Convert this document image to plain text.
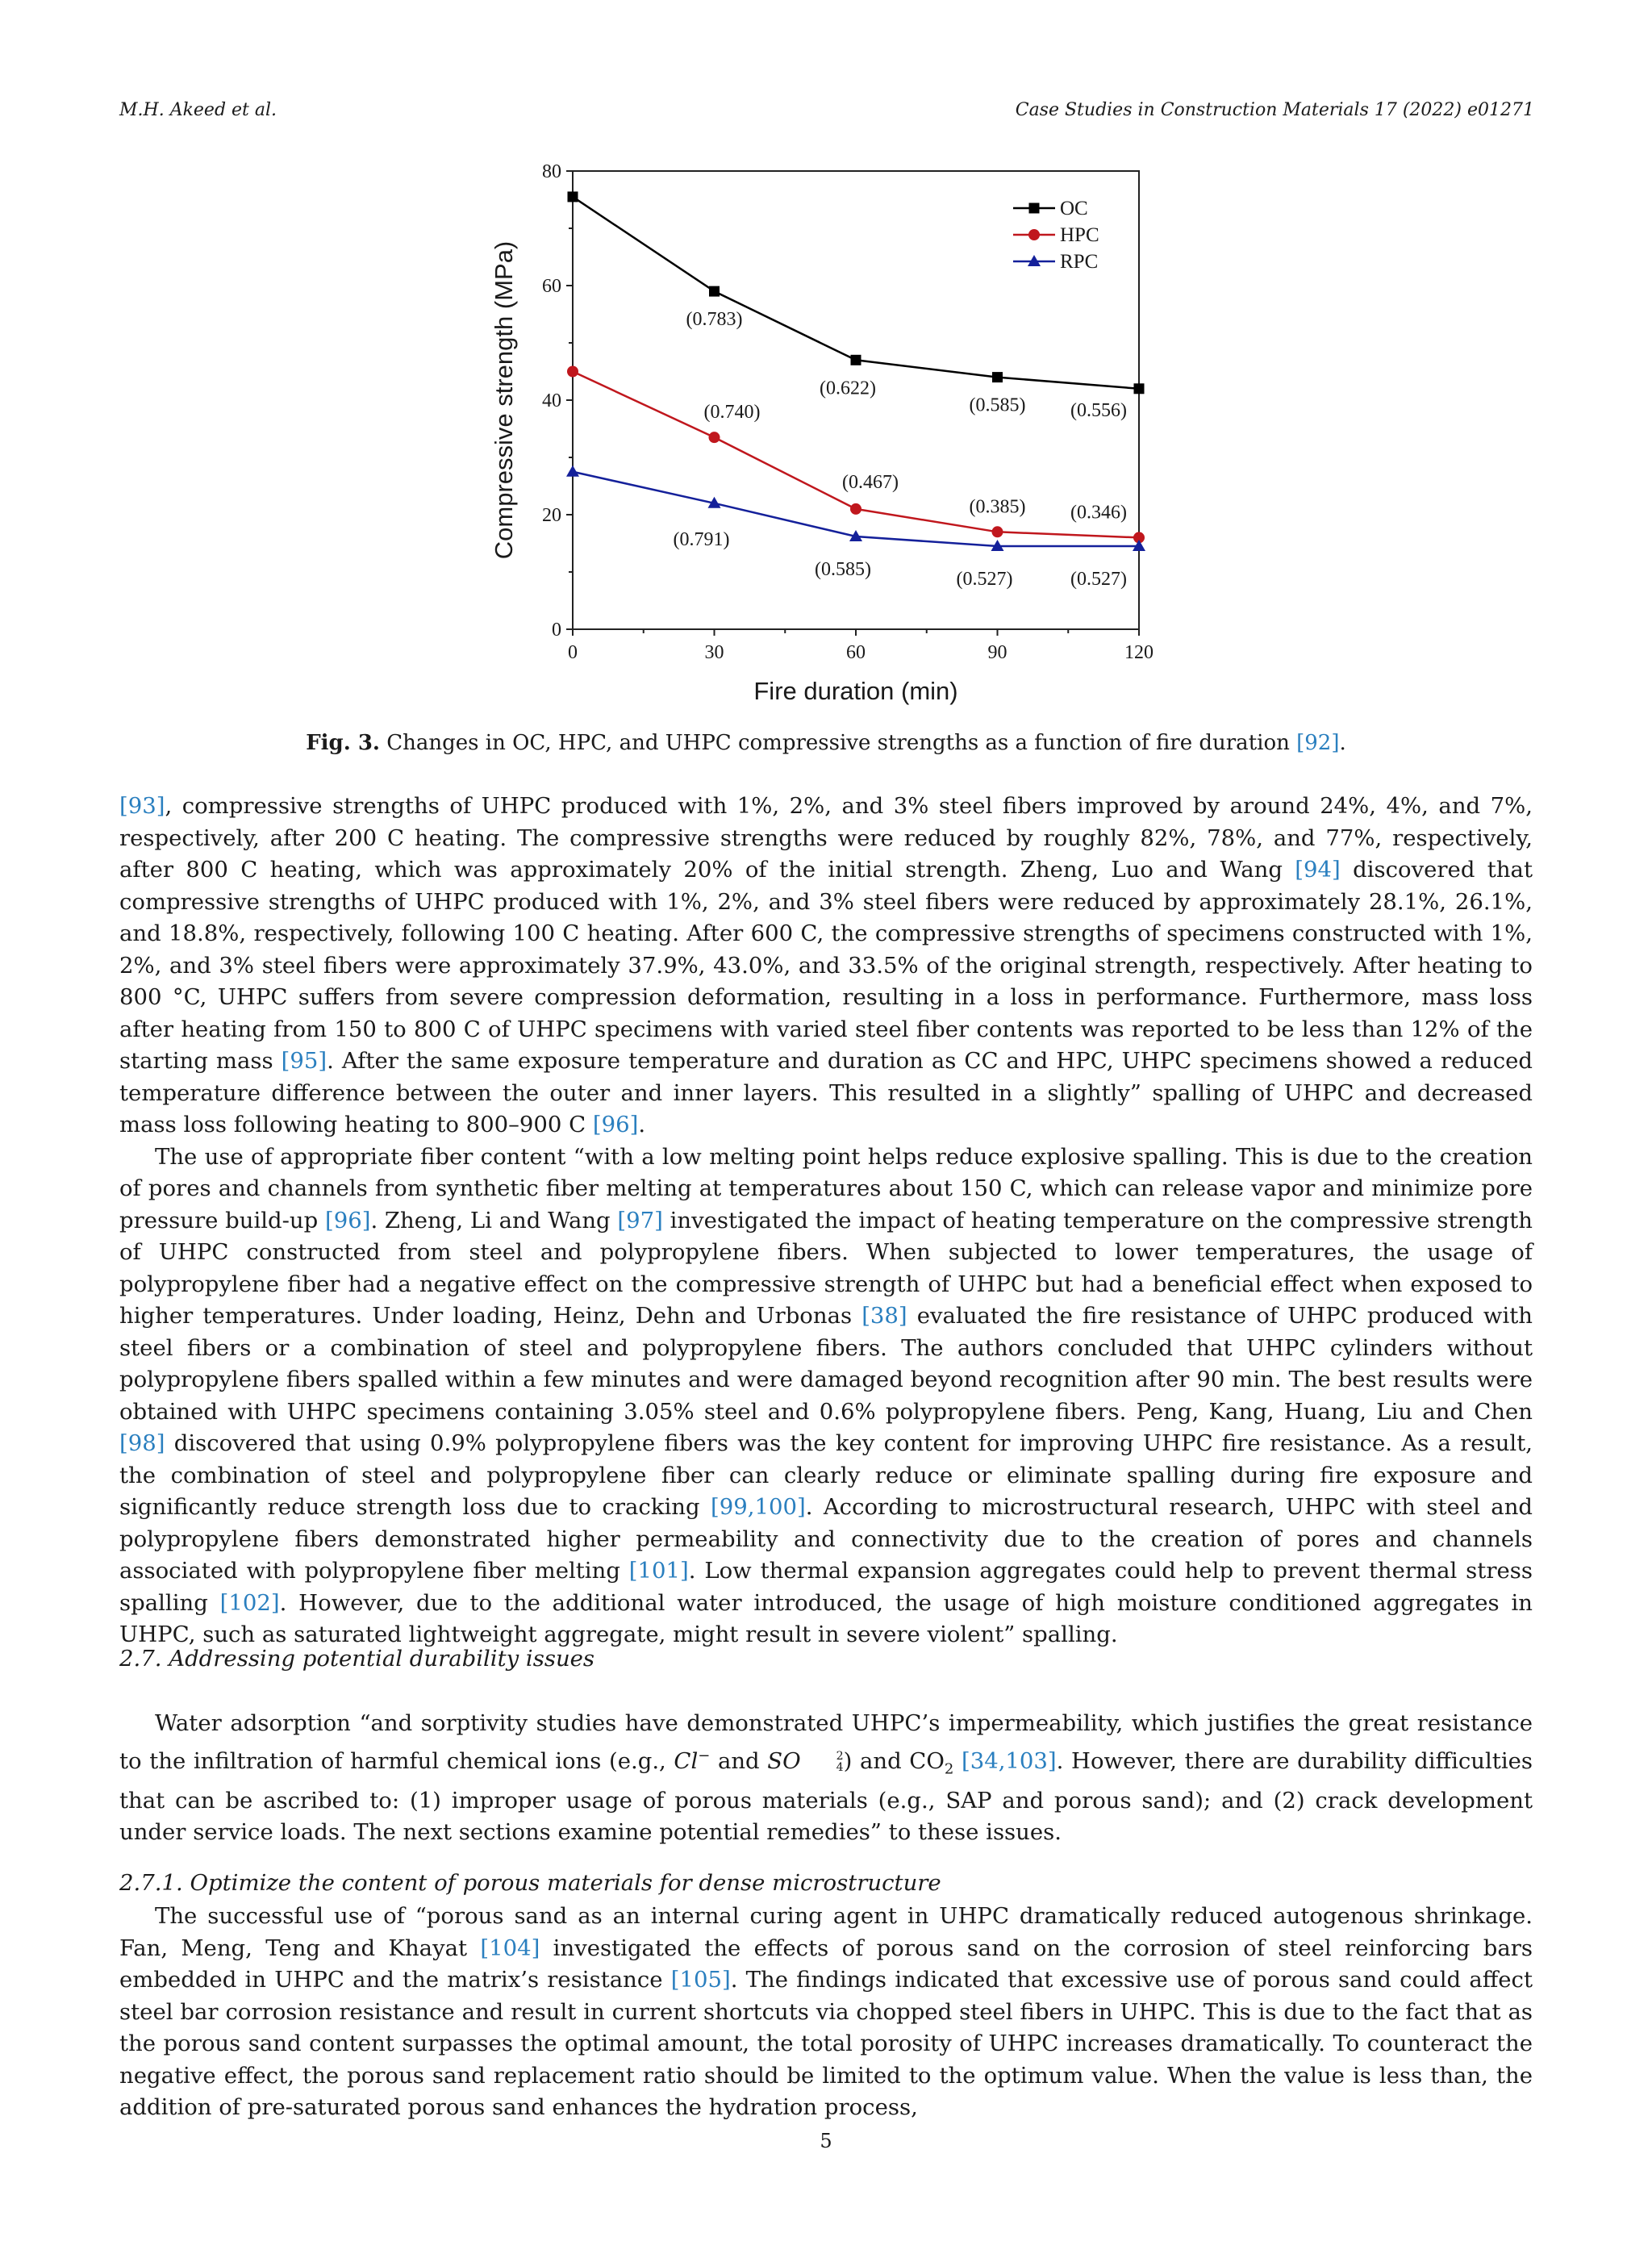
M.H. Akeed et al.	Case Studies in Construction Materials 17 (2022) e01271
0
20
40
60
80
0	30	60	90	120
Fire duration (min)
Compressive strength (MPa)	(0.783)
(0.622)
(0.585) (0.556)
OC
(0.740)
(0.467)
(0.385) (0.346)
HPC
(0.791)
(0.585)	(0.527)	(0.527)
RPC
Fig. 3. Changes in OC, HPC, and UHPC compressive strengths as a function of fire duration [92].

[93], compressive strengths of UHPC produced with 1%, 2%, and 3% steel fibers improved by around 24%, 4%, and 7%, respectively, after 200 C heating. The compressive strengths were reduced by roughly 82%, 78%, and 77%, respectively, after 800 C heating, which was approximately 20% of the initial strength. Zheng, Luo and Wang [94] discovered that compressive strengths of UHPC produced with 1%, 2%, and 3% steel fibers were reduced by approximately 28.1%, 26.1%, and 18.8%, respectively, following 100 C heating. After 600 C, the compressive strengths of specimens constructed with 1%, 2%, and 3% steel fibers were approximately 37.9%, 43.0%, and 33.5% of the original strength, respectively. After heating to 800 °C, UHPC suffers from severe compression deformation, resulting in a loss in performance. Furthermore, mass loss after heating from 150 to 800 C of UHPC specimens with varied steel fiber contents was reported to be less than 12% of the starting mass [95]. After the same exposure temperature and duration as CC and HPC, UHPC specimens showed a reduced temperature difference between the outer and inner layers. This resulted in a slightly” spalling of UHPC and decreased mass loss following heating to 800–900 C [96].

The use of appropriate fiber content “with a low melting point helps reduce explosive spalling. This is due to the creation of pores and channels from synthetic fiber melting at temperatures about 150 C, which can release vapor and minimize pore pressure build-up [96]. Zheng, Li and Wang [97] investigated the impact of heating temperature on the compressive strength of UHPC constructed from steel and polypropylene fibers. When subjected to lower temperatures, the usage of polypropylene fiber had a negative effect on the compressive strength of UHPC but had a beneficial effect when exposed to higher temperatures. Under loading, Heinz, Dehn and Urbonas [38] evaluated the fire resistance of UHPC produced with steel fibers or a combination of steel and polypropylene fibers. The authors concluded that UHPC cylinders without polypropylene fibers spalled within a few minutes and were damaged beyond recognition after 90 min. The best results were obtained with UHPC specimens containing 3.05% steel and 0.6% polypropylene fibers. Peng, Kang, Huang, Liu and Chen [98] discovered that using 0.9% polypropylene fibers was the key content for improving UHPC fire resistance. As a result, the combination of steel and polypropylene fiber can clearly reduce or eliminate spalling during fire exposure and significantly reduce strength loss due to cracking [99,100]. According to microstructural research, UHPC with steel and polypropylene fibers demonstrated higher permeability and connectivity due to the creation of pores and channels associated with polypropylene fiber melting [101]. Low thermal expansion aggregates could help to prevent thermal stress spalling [102]. However, due to the additional water introduced, the usage of high moisture conditioned aggregates in UHPC, such as saturated lightweight aggregate, might result in severe violent” spalling.

2.7. Addressing potential durability issues

Water adsorption “and sorptivity studies have demonstrated UHPC’s impermeability, which justifies the great resistance to the infiltration of harmful chemical ions (e.g., Cl− and SO	2
4 ) and $CO_2$ [34,103]. However, there are durability difficulties that can be ascribed to: (1) improper usage of porous materials (e.g., SAP and porous sand); and (2) crack development under service loads. The next sections examine potential remedies” to these issues.

2.7.1. Optimize the content of porous materials for dense microstructure

The successful use of “porous sand as an internal curing agent in UHPC dramatically reduced autogenous shrinkage. Fan, Meng, Teng and Khayat [104] investigated the effects of porous sand on the corrosion of steel reinforcing bars embedded in UHPC and the matrix’s resistance [105]. The findings indicated that excessive use of porous sand could affect steel bar corrosion resistance and result in current shortcuts via chopped steel fibers in UHPC. This is due to the fact that as the porous sand content surpasses the optimal amount, the total porosity of UHPC increases dramatically. To counteract the negative effect, the porous sand replacement ratio should be limited to the optimum value. When the value is less than, the addition of pre-saturated porous sand enhances the hydration process,

5
